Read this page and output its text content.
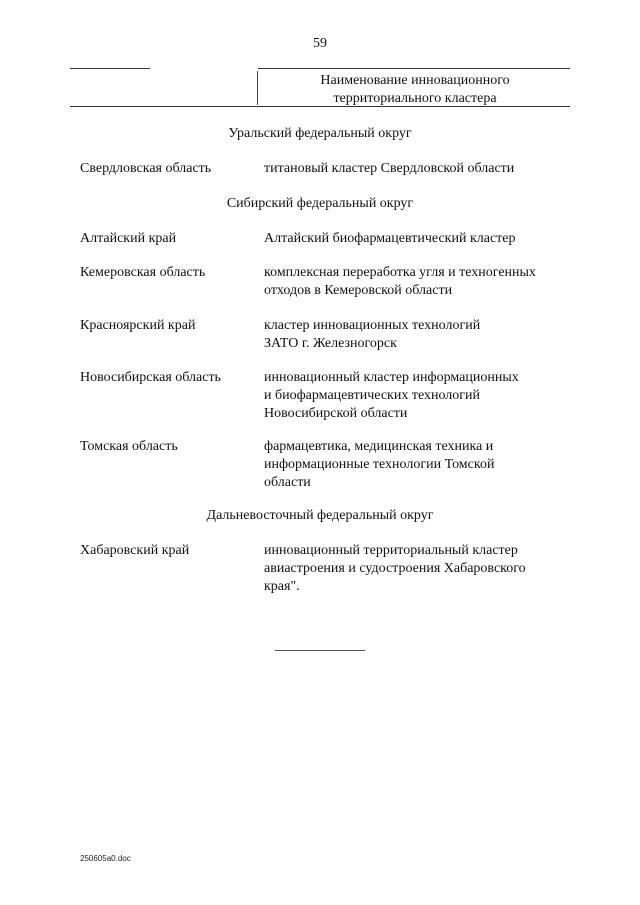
59
Наименование инновационного
территориального кластера
Уральский федеральный округ
Свердловская область	титановый кластер Свердловской области
Сибирский федеральный округ
Алтайский край	Алтайский биофармацевтический кластер
Кемеровская область	комплексная переработка угля и техногенных
отходов в Кемеровской области
Красноярский край	кластер инновационных технологий
ЗАТО г. Железногорск
Новосибирская область	инновационный кластер информационных
и биофармацевтических технологий
Новосибирской области
Томская область	фармацевтика, медицинская техника и
информационные технологии Томской
области
Дальневосточный федеральный округ
Хабаровский край	инновационный территориальный кластер
авиастроения и судостроения Хабаровского
края".
250605a0.doc
